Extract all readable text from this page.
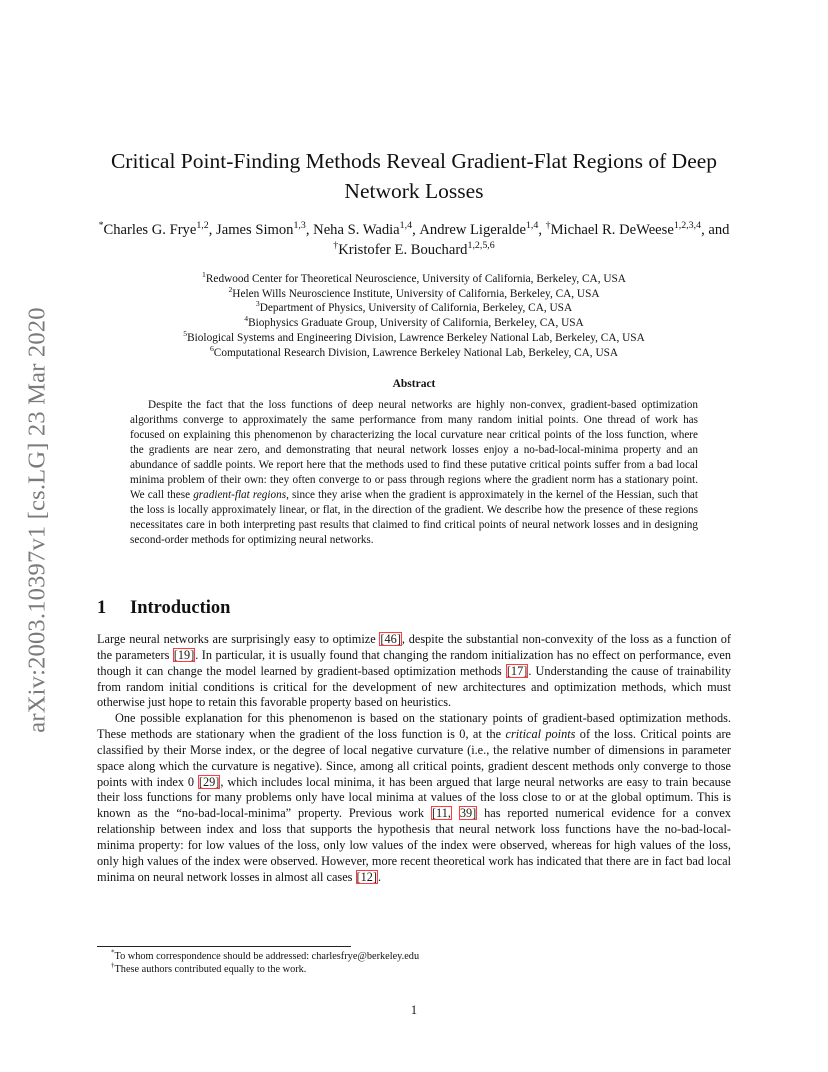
arXiv:2003.10397v1 [cs.LG] 23 Mar 2020
Critical Point-Finding Methods Reveal Gradient-Flat Regions of Deep Network Losses
*Charles G. Frye$^{1,2}$, James Simon$^{1,3}$, Neha S. Wadia$^{1,4}$, Andrew Ligeralde$^{1,4}$, †Michael R. DeWeese$^{1,2,3,4}$, and †Kristofer E. Bouchard$^{1,2,5,6}$
$^1$Redwood Center for Theoretical Neuroscience, University of California, Berkeley, CA, USA
$^2$Helen Wills Neuroscience Institute, University of California, Berkeley, CA, USA
$^3$Department of Physics, University of California, Berkeley, CA, USA
$^4$Biophysics Graduate Group, University of California, Berkeley, CA, USA
$^5$Biological Systems and Engineering Division, Lawrence Berkeley National Lab, Berkeley, CA, USA
$^6$Computational Research Division, Lawrence Berkeley National Lab, Berkeley, CA, USA
Abstract

Despite the fact that the loss functions of deep neural networks are highly non-convex, gradient-based optimization algorithms converge to approximately the same performance from many random initial points. One thread of work has focused on explaining this phenomenon by characterizing the local curvature near critical points of the loss function, where the gradients are near zero, and demonstrating that neural network losses enjoy a no-bad-local-minima property and an abundance of saddle points. We report here that the methods used to find these putative critical points suffer from a bad local minima problem of their own: they often converge to or pass through regions where the gradient norm has a stationary point. We call these gradient-flat regions, since they arise when the gradient is approximately in the kernel of the Hessian, such that the loss is locally approximately linear, or flat, in the direction of the gradient. We describe how the presence of these regions necessitates care in both interpreting past results that claimed to find critical points of neural network losses and in designing second-order methods for optimizing neural networks.

1 Introduction

Large neural networks are surprisingly easy to optimize [46], despite the substantial non-convexity of the loss as a function of the parameters [19]. In particular, it is usually found that changing the random initialization has no effect on performance, even though it can change the model learned by gradient-based optimization methods [17]. Understanding the cause of trainability from random initial conditions is critical for the development of new architectures and optimization methods, which must otherwise just hope to retain this favorable property based on heuristics.

One possible explanation for this phenomenon is based on the stationary points of gradient-based optimization methods. These methods are stationary when the gradient of the loss function is 0, at the critical points of the loss. Critical points are classified by their Morse index, or the degree of local negative curvature (i.e., the relative number of dimensions in parameter space along which the curvature is negative). Since, among all critical points, gradient descent methods only converge to those points with index 0 [29], which includes local minima, it has been argued that large neural networks are easy to train because their loss functions for many problems only have local minima at values of the loss close to or at the global optimum. This is known as the “no-bad-local-minima” property. Previous work [11, 39] has reported numerical evidence for a convex relationship between index and loss that supports the hypothesis that neural network loss functions have the no-bad-local-minima property: for low values of the loss, only low values of the index were observed, whereas for high values of the loss, only high values of the index were observed. However, more recent theoretical work has indicated that there are in fact bad local minima on neural network losses in almost all cases [12].

*To whom correspondence should be addressed: charlesfrye@berkeley.edu
†These authors contributed equally to the work.
1
